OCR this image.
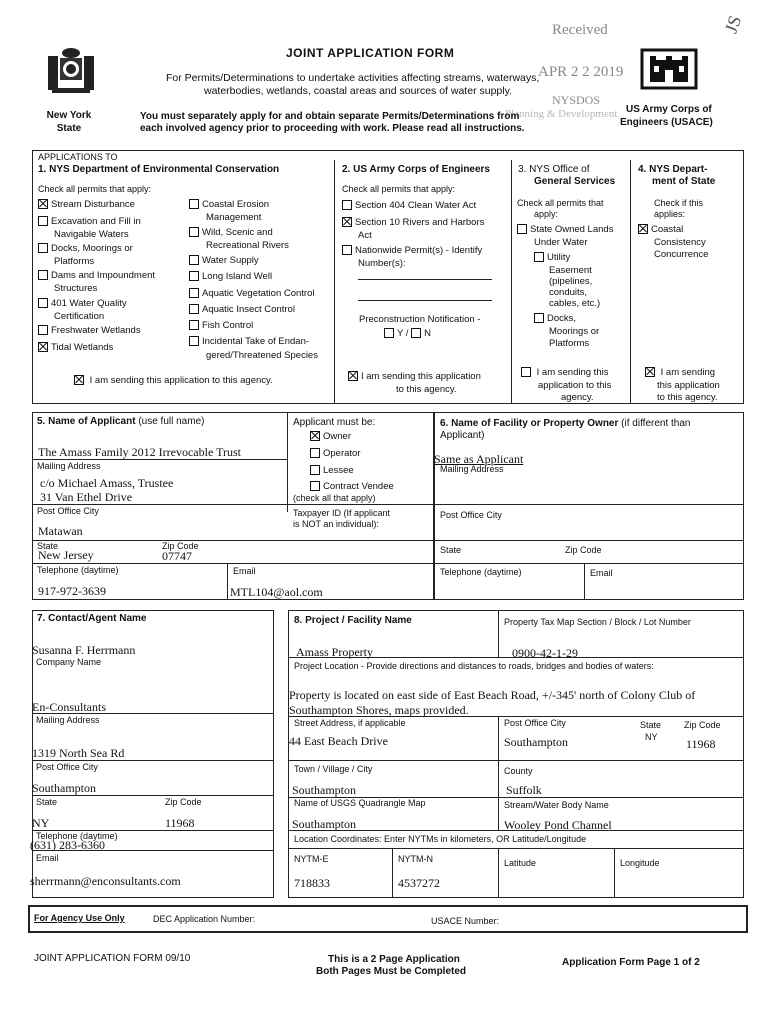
Received
APR 2 2 2019
NYSDOS
Planning & Development
JS
JOINT APPLICATION FORM
For Permits/Determinations to undertake activities affecting streams, waterways,
waterbodies, wetlands, coastal areas and sources of water supply.
New York
State
You must separately apply for and obtain separate Permits/Determinations from
each involved agency prior to proceeding with work. Please read all instructions.
US Army Corps of
Engineers (USACE)
APPLICATIONS TO
1. NYS Department of Environmental Conservation
Check all permits that apply:
Stream Disturbance
Excavation and Fill in
Navigable Waters
Docks, Moorings or
Platforms
Dams and Impoundment
Structures
401 Water Quality
Certification
Freshwater Wetlands
Tidal Wetlands
Coastal Erosion
Management
Wild, Scenic and
Recreational Rivers
Water Supply
Long Island Well
Aquatic Vegetation Control
Aquatic Insect Control
Fish Control
Incidental Take of Endan-
gered/Threatened Species
I am sending this application to this agency.
2. US Army Corps of Engineers
Check all permits that apply:
Section 404 Clean Water Act
Section 10 Rivers and Harbors
Act
Nationwide Permit(s) - Identify
Number(s):
Preconstruction Notification -
Y / N
I am sending this application
to this agency.
3. NYS Office of
General Services
Check all permits that
apply:
State Owned Lands
Under Water
Utility
Easement
(pipelines,
conduits,
cables, etc.)
Docks,
Moorings or
Platforms
I am sending this
application to this
agency.
4. NYS Depart-
ment of State
Check if this
applies:
Coastal
Consistency
Concurrence
I am sending
this application
to this agency.
5. Name of Applicant (use full name)
The Amass Family 2012 Irrevocable Trust
Mailing Address
c/o Michael Amass, Trustee
31 Van Ethel Drive
Post Office City
Matawan
State
New Jersey
Zip Code
07747
Telephone (daytime)
917-972-3639
Email
MTL104@aol.com
Applicant must be:
Owner
Operator
Lessee
Contract Vendee
(check all that apply)
Taxpayer ID (If applicant
is NOT an individual):
6. Name of Facility or Property Owner (if different than
Applicant)
Same as Applicant
Mailing Address
Post Office City
State	Zip Code
Telephone (daytime)	Email
7. Contact/Agent Name
Susanna F. Herrmann
Company Name
En-Consultants
Mailing Address
1319 North Sea Rd
Post Office City
Southampton
State
NY
Zip Code
11968
Telephone (daytime)
(631) 283-6360
Email
sherrmann@enconsultants.com
8. Project / Facility Name
Amass Property
Property Tax Map Section / Block / Lot Number
0900-42-1-29
Project Location - Provide directions and distances to roads, bridges and bodies of waters:
Property is located on east side of East Beach Road, +/-345' north of Colony Club of
Southampton Shores, maps provided.
Street Address, if applicable
44 East Beach Drive
Post Office City
Southampton
State
NY
Zip Code
11968
Town / Village / City
Southampton
County
Suffolk
Name of USGS Quadrangle Map
Southampton
Stream/Water Body Name
Wooley Pond Channel
Location Coordinates: Enter NYTMs in kilometers, OR Latitude/Longitude
NYTM-E
718833
NYTM-N
4537272
Latitude	Longitude
For Agency Use Only	DEC Application Number:	USACE Number:
JOINT APPLICATION FORM 09/10	This is a 2 Page Application
Both Pages Must be Completed
Application Form Page 1 of 2
